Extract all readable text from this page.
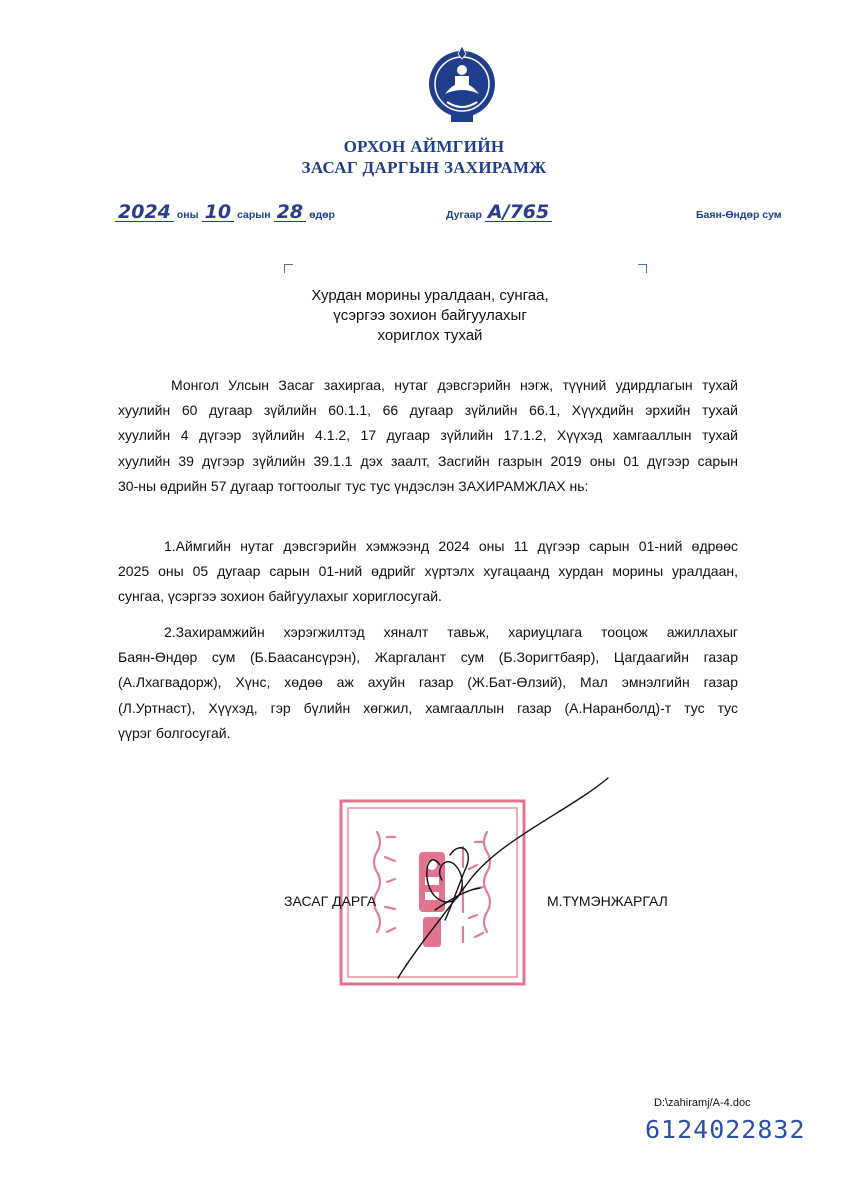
ОРХОН АЙМГИЙН
ЗАСАГ ДАРГЫН ЗАХИРАМЖ
2024 оны 10 сарын 28 өдөр	Дугаар А/765	Баян-Өндөр сум
Хурдан морины уралдаан, сунгаа,
үсэргээ зохион байгуулахыг
хориглох тухай
Монгол Улсын Засаг захиргаа, нутаг дэвсгэрийн нэгж, түүний удирдлагын тухай
хуулийн 60 дугаар зүйлийн 60.1.1, 66 дугаар зүйлийн 66.1, Хүүхдийн эрхийн тухай
хуулийн 4 дүгээр зүйлийн 4.1.2, 17 дугаар зүйлийн 17.1.2, Хүүхэд хамгааллын тухай
хуулийн 39 дүгээр зүйлийн 39.1.1 дэх заалт, Засгийн газрын 2019 оны 01 дүгээр сарын
30-ны өдрийн 57 дугаар тогтоолыг тус тус үндэслэн ЗАХИРАМЖЛАХ нь:
1.Аймгийн нутаг дэвсгэрийн хэмжээнд 2024 оны 11 дүгээр сарын 01-ний өдрөөс
2025 оны 05 дугаар сарын 01-ний өдрийг хүртэлх хугацаанд хурдан морины уралдаан,
сунгаа, үсэргээ зохион байгуулахыг хориглосугай.
2.Захирамжийн хэрэгжилтэд хяналт тавьж, хариуцлага тооцож ажиллахыг
Баян-Өндөр сум (Б.Баасансүрэн), Жаргалант сум (Б.Зоригтбаяр), Цагдаагийн газар
(А.Лхагвадорж), Хүнс, хөдөө аж ахуйн газар (Ж.Бат-Өлзий), Мал эмнэлгийн газар
(Л.Уртнаст), Хүүхэд, гэр бүлийн хөгжил, хамгааллын газар (А.Наранболд)-т тус тус
үүрэг болгосугай.
ЗАСАГ ДАРГА	М.ТҮМЭНЖАРГАЛ
D:\zahiramj/A-4.doc
6124022832
